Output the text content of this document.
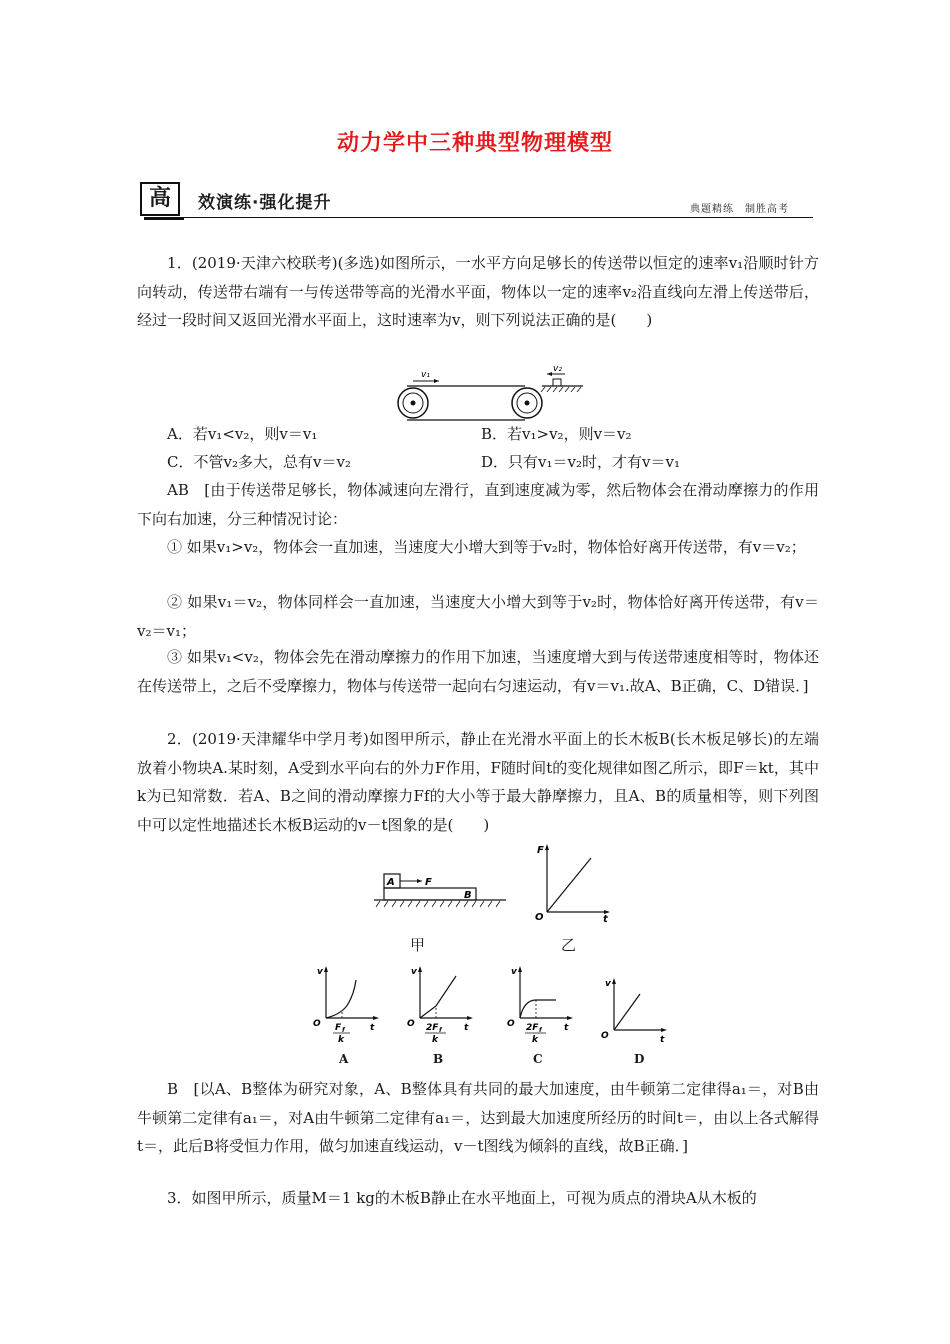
动力学中三种典型物理模型
高	效演练·强化提升	典题精练　制胜高考
1．(2019·天津六校联考)(多选)如图所示，一水平方向足够长的传送带以恒定的速率v₁沿顺时针方向转动，传送带右端有一与传送带等高的光滑水平面，物体以一定的速率v₂沿直线向左滑上传送带后，经过一段时间又返回光滑水平面上，这时速率为v，则下列说法正确的是(　　)
v₁
v₂
A．若v₁<v₂，则v＝v₁	B．若v₁>v₂，则v＝v₂
C．不管v₂多大，总有v＝v₂	D．只有v₁＝v₂时，才有v＝v₁
AB　[由于传送带足够长，物体减速向左滑行，直到速度减为零，然后物体会在滑动摩擦力的作用下向右加速，分三种情况讨论：
① 如果v₁>v₂，物体会一直加速，当速度大小增大到等于v₂时，物体恰好离开传送带，有v＝v₂；
② 如果v₁＝v₂，物体同样会一直加速，当速度大小增大到等于v₂时，物体恰好离开传送带，有v＝v₂＝v₁；
③ 如果v₁<v₂，物体会先在滑动摩擦力的作用下加速，当速度增大到与传送带速度相等时，物体还在传送带上，之后不受摩擦力，物体与传送带一起向右匀速运动，有v＝v₁.故A、B正确，C、D错误．]
2．(2019·天津耀华中学月考)如图甲所示，静止在光滑水平面上的长木板B(长木板足够长)的左端放着小物块A.某时刻，A受到水平向右的外力F作用，F随时间t的变化规律如图乙所示，即F＝kt，其中k为已知常数．若A、B之间的滑动摩擦力Ff的大小等于最大静摩擦力，且A、B的质量相等，则下列图中可以定性地描述长木板B运动的v－t图象的是(　　)
A
B
F
甲
F
O	t
乙
v
O	t
F f
k
A
v
O	t
2F f
k
B
v
O	t
2F f
k
C
v
O	t
D
B　[以A、B整体为研究对象，A、B整体具有共同的最大加速度，由牛顿第二定律得a₁＝，对B由牛顿第二定律有a₁＝，对A由牛顿第二定律有a₁＝，达到最大加速度所经历的时间t＝，由以上各式解得t＝，此后B将受恒力作用，做匀加速直线运动，v－t图线为倾斜的直线，故B正确．]
3．如图甲所示，质量M＝1 kg的木板B静止在水平地面上，可视为质点的滑块A从木板的
